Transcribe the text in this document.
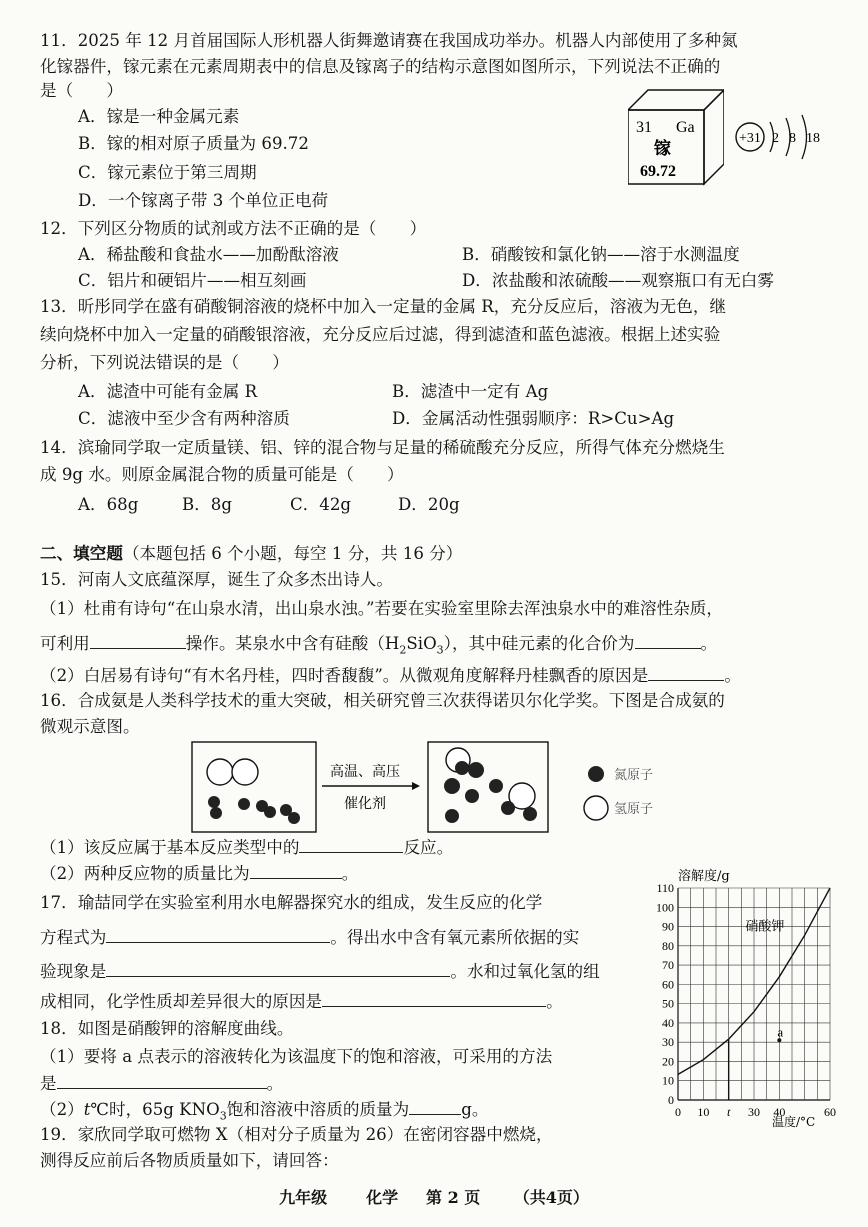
11．2025 年 12 月首届国际人形机器人街舞邀请赛在我国成功举办。机器人内部使用了多种氮
化镓器件，镓元素在元素周期表中的信息及镓离子的结构示意图如图所示，下列说法不正确的
是（　　）
A．镓是一种金属元素
B．镓的相对原子质量为 69.72
C．镓元素位于第三周期
D．一个镓离子带 3 个单位正电荷
31 Ga
镓
69.72
+31 2 8 18
12．下列区分物质的试剂或方法不正确的是（　　）
A．稀盐酸和食盐水——加酚酞溶液	B．硝酸铵和氯化钠——溶于水测温度
C．铝片和硬铝片——相互刻画	D．浓盐酸和浓硫酸——观察瓶口有无白雾
13．昕彤同学在盛有硝酸铜溶液的烧杯中加入一定量的金属 R，充分反应后，溶液为无色，继
续向烧杯中加入一定量的硝酸银溶液，充分反应后过滤，得到滤渣和蓝色滤液。根据上述实验
分析，下列说法错误的是（　　）
A．滤渣中可能有金属 R	B．滤渣中一定有 Ag
C．滤液中至少含有两种溶质	D．金属活动性强弱顺序：R>Cu>Ag
14．滨瑜同学取一定质量镁、铝、锌的混合物与足量的稀硫酸充分反应，所得气体充分燃烧生
成 9g 水。则原金属混合物的质量可能是（　　）
A．68g	B．8g	C．42g	D．20g
二、填空题（本题包括 6 个小题，每空 1 分，共 16 分）
15．河南人文底蕴深厚，诞生了众多杰出诗人。
（1）杜甫有诗句“在山泉水清，出山泉水浊。”若要在实验室里除去浑浊泉水中的难溶性杂质，
可利用	操作。某泉水中含有硅酸$(H_2SiO_3)$，其中硅元素的化合价为	。
（2）白居易有诗句“有木名丹桂，四时香馥馥”。从微观角度解释丹桂飘香的原因是	。
16．合成氨是人类科学技术的重大突破，相关研究曾三次获得诺贝尔化学奖。下图是合成氨的
微观示意图。
高温、高压
催化剂
氮原子
氢原子
（1）该反应属于基本反应类型中的	反应。
（2）两种反应物的质量比为	。
17．瑜喆同学在实验室利用水电解器探究水的组成，发生反应的化学
方程式为	。得出水中含有氧元素所依据的实
验现象是	。水和过氧化氢的组
成相同，化学性质却差异很大的原因是	。
18．如图是硝酸钾的溶解度曲线。
（1）要将 a 点表示的溶液转化为该温度下的饱和溶液，可采用的方法
是	。
（2）t℃时，65g $KNO_3$饱和溶液中溶质的质量为	g。
19．家欣同学取可燃物 X（相对分子质量为 26）在密闭容器中燃烧，
测得反应前后各物质质量如下，请回答：
溶解度/g
0
10
20
30
40
50
60
70
80
90
100
110
0 10 t 30 40	60
硝酸钾
a
温度/°C
九年级 化学 第 2 页 （共4页）
